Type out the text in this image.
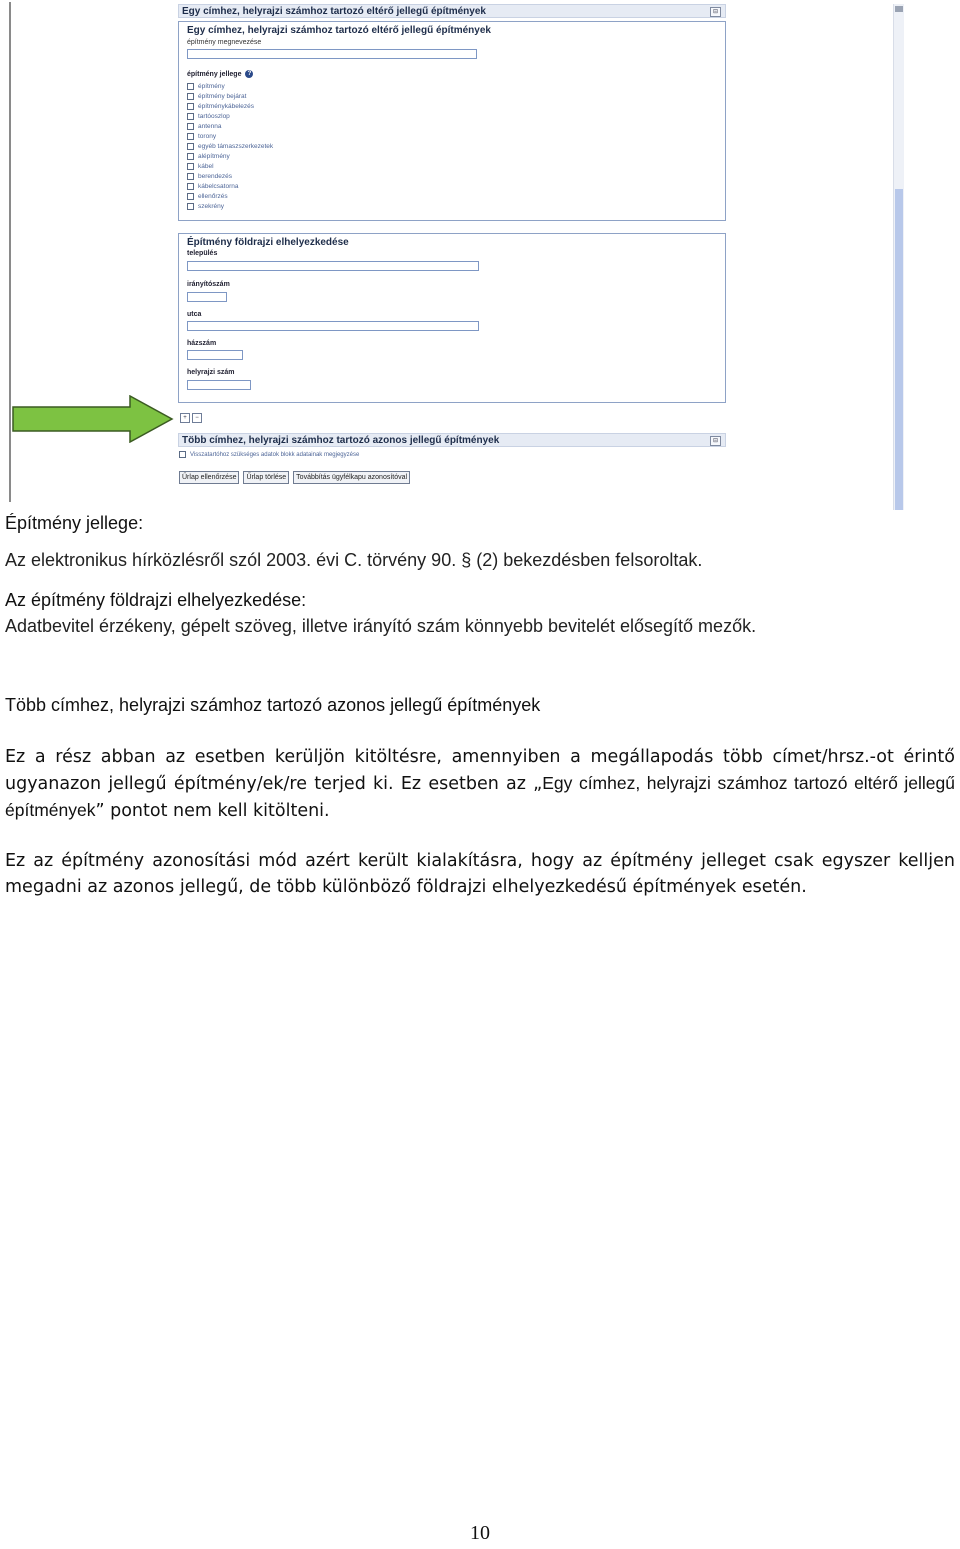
Egy címhez, helyrajzi számhoz tartozó eltérő jellegű építmények	⊟
Egy címhez, helyrajzi számhoz tartozó eltérő jellegű építmények
építmény megnevezése
építmény jellege ?
építmény
építmény bejárat
építménykábelezés
tartóoszlop
antenna
torony
egyéb támaszszerkezetek
alépítmény
kábel
berendezés
kábelcsatorna
ellenőrzés
szekrény
Építmény földrajzi elhelyezkedése
település
irányítószám
utca
házszám
helyrajzi szám
+	−
Több címhez, helyrajzi számhoz tartozó azonos jellegű építmények	⊟
Visszatartóhoz szükséges adatok blokk adatainak megjegyzése
Űrlap ellenőrzése	Űrlap törlése	Továbbítás ügyfélkapu azonosítóval
Építmény jellege:
Az elektronikus hírközlésről szól 2003. évi C. törvény 90. § (2) bekezdésben felsoroltak.
Az építmény földrajzi elhelyezkedése:
Adatbevitel érzékeny, gépelt szöveg, illetve irányító szám könnyebb bevitelét elősegítő mezők.
Több címhez, helyrajzi számhoz tartozó azonos jellegű építmények
Ez a rész abban az esetben kerüljön kitöltésre, amennyiben a megállapodás több címet/hrsz.-ot érintő ugyanazon jellegű építmény/ek/re terjed ki. Ez esetben az „Egy címhez, helyrajzi számhoz tartozó eltérő jellegű építmények” pontot nem kell kitölteni.
Ez az építmény azonosítási mód azért került kialakításra, hogy az építmény jelleget csak egyszer kelljen megadni az azonos jellegű, de több különböző földrajzi elhelyezkedésű építmények esetén.
10
